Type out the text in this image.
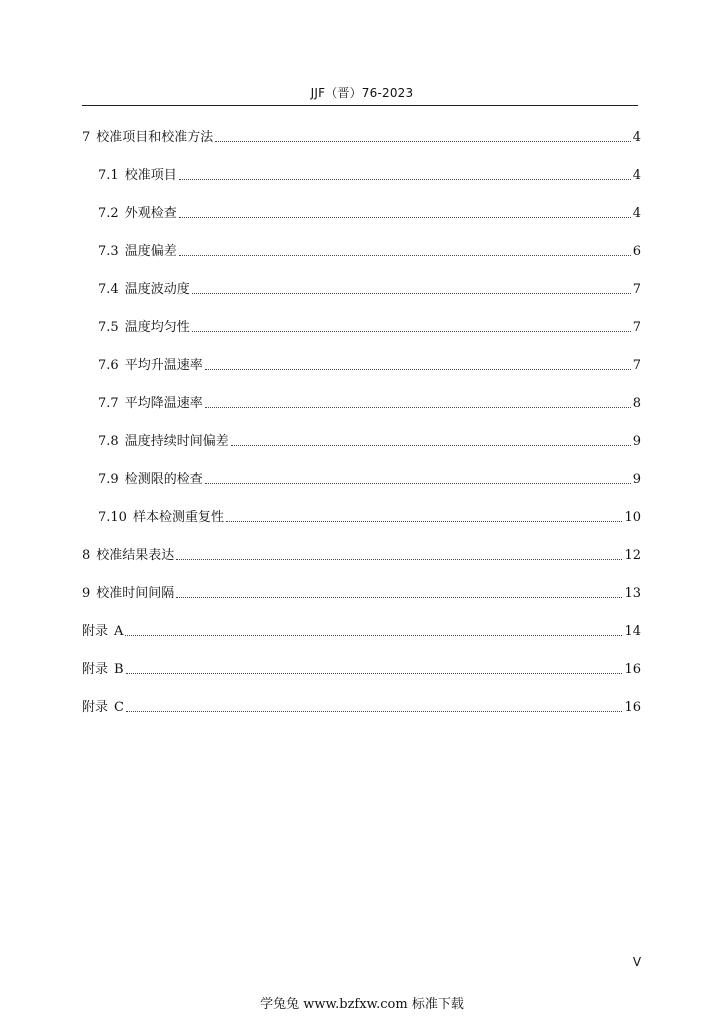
JJF（晋）76-2023
7 校准项目和校准方法	4
7.1 校准项目	4
7.2 外观检查	4
7.3 温度偏差	6
7.4 温度波动度	7
7.5 温度均匀性	7
7.6 平均升温速率	7
7.7 平均降温速率	8
7.8 温度持续时间偏差	9
7.9 检测限的检查	9
7.10 样本检测重复性	10
8 校准结果表达	12
9 校准时间间隔	13
附录 A	14
附录 B	16
附录 C	16
V
学兔兔 www.bzfxw.com 标准下载
